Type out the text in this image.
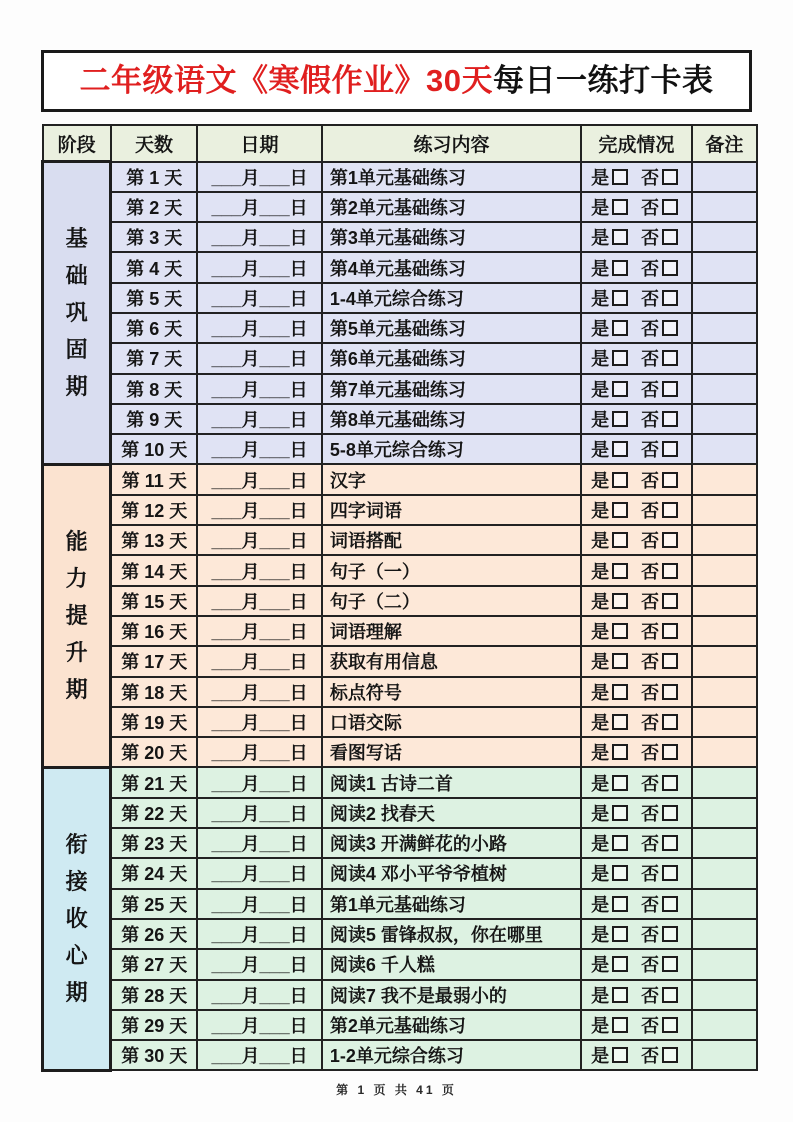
二年级语文《寒假作业》30天每日一练打卡表
阶段	天数	日期	练习内容	完成情况	备注

基
础
巩
固
期	第 1 天	___月___日	第1单元基础练习	是 否	
	第 2 天	___月___日	第2单元基础练习	是 否	
	第 3 天	___月___日	第3单元基础练习	是 否	
	第 4 天	___月___日	第4单元基础练习	是 否	
	第 5 天	___月___日	1-4单元综合练习	是 否	
	第 6 天	___月___日	第5单元基础练习	是 否	
	第 7 天	___月___日	第6单元基础练习	是 否	
	第 8 天	___月___日	第7单元基础练习	是 否	
	第 9 天	___月___日	第8单元基础练习	是 否	
	第 10 天	___月___日	5-8单元综合练习	是 否	

能
力
提
升
期	第 11 天	___月___日	汉字	是 否	
	第 12 天	___月___日	四字词语	是 否	
	第 13 天	___月___日	词语搭配	是 否	
	第 14 天	___月___日	句子（一）	是 否	
	第 15 天	___月___日	句子（二）	是 否	
	第 16 天	___月___日	词语理解	是 否	
	第 17 天	___月___日	获取有用信息	是 否	
	第 18 天	___月___日	标点符号	是 否	
	第 19 天	___月___日	口语交际	是 否	
	第 20 天	___月___日	看图写话	是 否	

衔
接
收
心
期	第 21 天	___月___日	阅读1 古诗二首	是 否	
	第 22 天	___月___日	阅读2 找春天	是 否	
	第 23 天	___月___日	阅读3 开满鲜花的小路	是 否	
	第 24 天	___月___日	阅读4 邓小平爷爷植树	是 否	
	第 25 天	___月___日	第1单元基础练习	是 否	
	第 26 天	___月___日	阅读5 雷锋叔叔，你在哪里	是 否	
	第 27 天	___月___日	阅读6 千人糕	是 否	
	第 28 天	___月___日	阅读7 我不是最弱小的	是 否	
	第 29 天	___月___日	第2单元基础练习	是 否	
	第 30 天	___月___日	1-2单元综合练习	是 否	
第 1 页 共 41 页
